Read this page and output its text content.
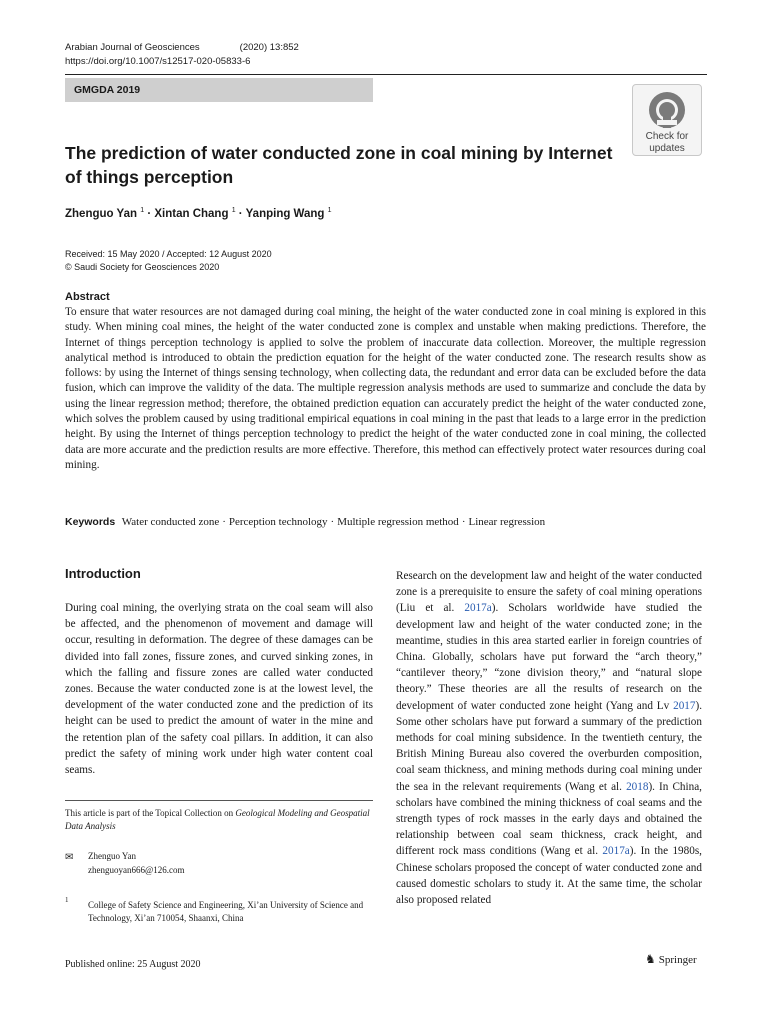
Arabian Journal of Geosciences	(2020) 13:852
https://doi.org/10.1007/s12517-020-05833-6
GMGDA 2019
Check for
updates
The prediction of water conducted zone in coal mining by Internet of things perception
Zhenguo Yan $^1$ · Xintan Chang $^1$ · Yanping Wang $^1$
Received: 15 May 2020 / Accepted: 12 August 2020
© Saudi Society for Geosciences 2020
Abstract

To ensure that water resources are not damaged during coal mining, the height of the water conducted zone in coal mining is explored in this study. When mining coal mines, the height of the water conducted zone is complex and unstable when making predictions. Therefore, the Internet of things perception technology is applied to solve the problem of inaccurate data collection. Moreover, the multiple regression analytical method is introduced to obtain the prediction equation for the height of the water conducted zone. The research results show as follows: by using the Internet of things sensing technology, when collecting data, the redundant and error data can be excluded before the data fusion, which can improve the validity of the data. The multiple regression analysis methods are used to summarize and conclude the data by using the linear regression method; therefore, the obtained prediction equation can accurately predict the height of the water conducted zone, which solves the problem caused by using traditional empirical equations in coal mining in the past that leads to a large error in the prediction height. By using the Internet of things perception technology to predict the height of the water conducted zone in coal mining, the collected data are more accurate and the prediction results are more effective. Therefore, this method can effectively protect water resources during coal mining.

Keywords Water conducted zone · Perception technology · Multiple regression method · Linear regression
Introduction

During coal mining, the overlying strata on the coal seam will also be affected, and the phenomenon of movement and damage will occur, resulting in deformation. The degree of these damages can be divided into fall zones, fissure zones, and curved sinking zones, in which the falling and fissure zones are called water conducted zones. Because the water conducted zone is at the lowest level, the development of the water conducted zone and the prediction of its height can be used to predict the amount of water in the mine and the retention plan of the safety coal pillars. In addition, it can also predict the safety of mining work under high water content coal seams.

Research on the development law and height of the water conducted zone is a prerequisite to ensure the safety of coal mining operations (Liu et al. 2017a). Scholars worldwide have studied the development law and height of the water conducted zone; in the meantime, studies in this area started earlier in foreign countries of China. Globally, scholars have put forward the “arch theory,” “cantilever theory,” “zone division theory,” and “natural slope theory.” These theories are all the results of research on the development of water conducted zone height (Yang and Lv 2017). Some other scholars have put forward a summary of the prediction methods for coal mining subsidence. In the twentieth century, the British Mining Bureau also covered the overburden composition, coal seam thickness, and mining methods during coal mining under the sea in the relevant requirements (Wang et al. 2018). In China, scholars have combined the mining thickness of coal seams and the strength types of rock masses in the early days and obtained the relationship between coal seam thickness, crack height, and different rock mass conditions (Wang et al. 2017a). In the 1980s, Chinese scholars proposed the concept of water conducted zone and caused domestic scholars to study it. At the same time, the scholar also proposed related

This article is part of the Topical Collection on Geological Modeling and Geospatial Data Analysis
✉ Zhenguo Yan
zhenguoyan666@126.com
1 College of Safety Science and Engineering, Xi’an University of Science and Technology, Xi’an 710054, Shaanxi, China
Published online: 25 August 2020	♞ Springer
